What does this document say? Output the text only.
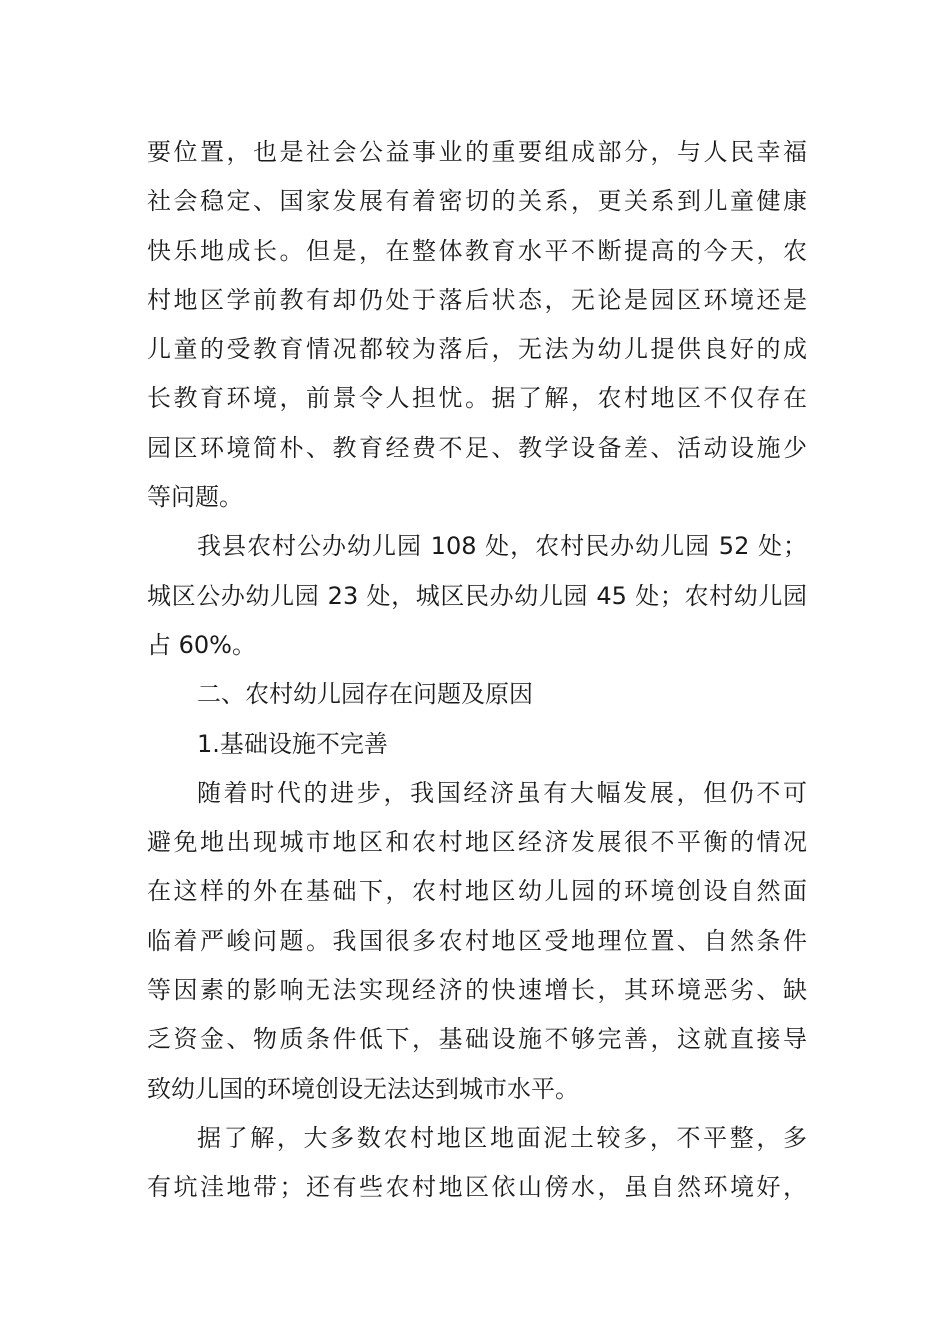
要位置，也是社会公益事业的重要组成部分，与人民幸福
社会稳定、国家发展有着密切的关系，更关系到儿童健康
快乐地成长。但是，在整体教育水平不断提高的今天，农
村地区学前教有却仍处于落后状态，无论是园区环境还是
儿童的受教育情况都较为落后，无法为幼儿提供良好的成
长教育环境，前景令人担忧。据了解，农村地区不仅存在
园区环境简朴、教育经费不足、教学设备差、活动设施少
等问题。
我县农村公办幼儿园 108 处，农村民办幼儿园 52 处；
城区公办幼儿园 23 处，城区民办幼儿园 45 处；农村幼儿园
占 60%。
二、农村幼儿园存在问题及原因
1.基础设施不完善
随着时代的进步，我国经济虽有大幅发展，但仍不可
避免地出现城市地区和农村地区经济发展很不平衡的情况
在这样的外在基础下，农村地区幼儿园的环境创设自然面
临着严峻问题。我国很多农村地区受地理位置、自然条件
等因素的影响无法实现经济的快速增长，其环境恶劣、缺
乏资金、物质条件低下，基础设施不够完善，这就直接导
致幼儿国的环境创设无法达到城市水平。
据了解，大多数农村地区地面泥土较多，不平整，多
有坑洼地带；还有些农村地区依山傍水，虽自然环境好，
